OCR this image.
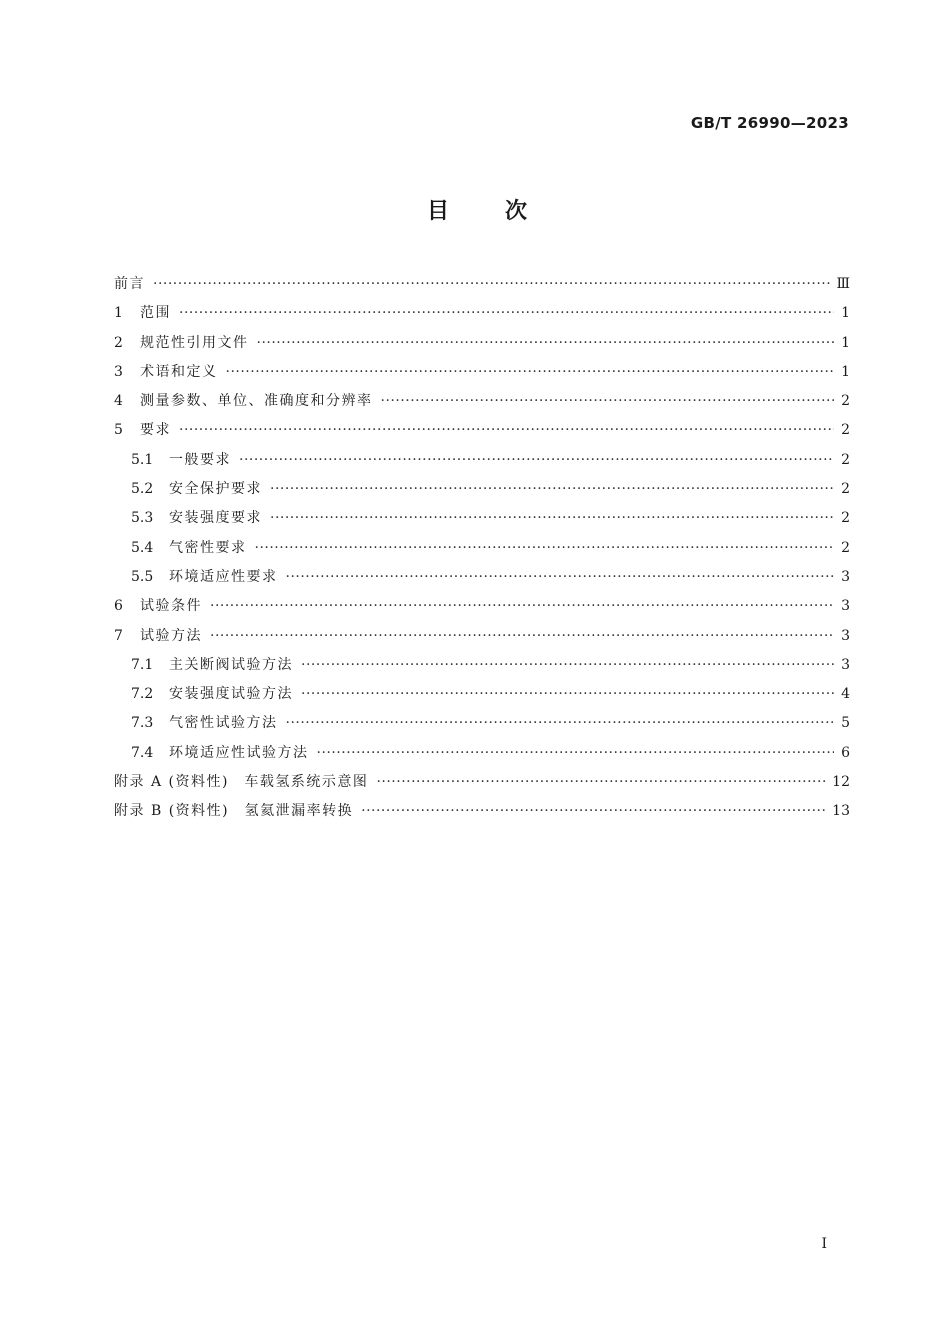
GB/T 26990—2023
目次
前言 ·····	Ⅲ
1	范围 ·····	1
2	规范性引用文件 ·····	1
3	术语和定义 ·····	1
4	测量参数、单位、准确度和分辨率 ·····	2
5	要求 ·····	2
5.1	一般要求 ·····	2
5.2	安全保护要求 ·····	2
5.3	安装强度要求 ·····	2
5.4	气密性要求 ·····	2
5.5	环境适应性要求 ·····	3
6	试验条件 ·····	3
7	试验方法 ·····	3
7.1	主关断阀试验方法 ·····	3
7.2	安装强度试验方法 ·····	4
7.3	气密性试验方法 ·····	5
7.4	环境适应性试验方法 ·····	6
附录 A (资料性)　车载氢系统示意图 ·····	12
附录 B (资料性)　氢氦泄漏率转换 ·····	13
I
